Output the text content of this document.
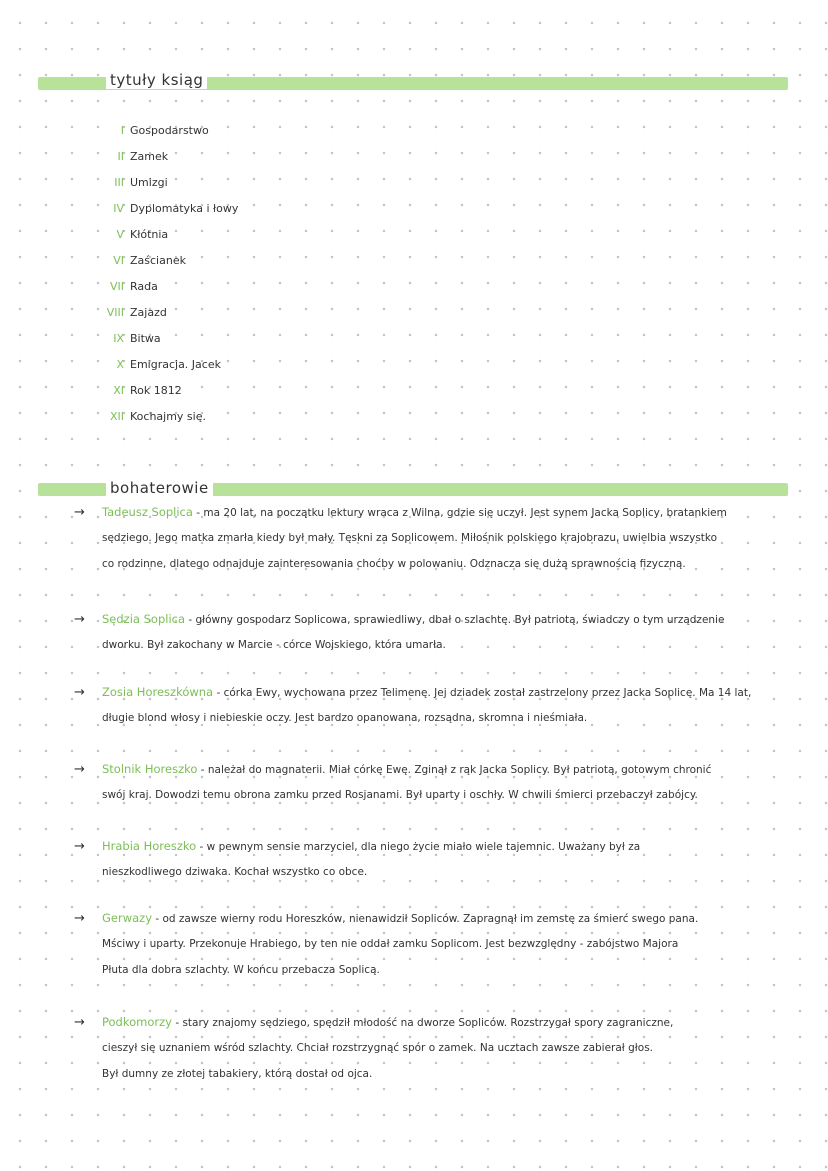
tytuły ksiąg
I Gospodarstwo
II Zamek
III Umizgi
IV Dyplomatyka i łowy
V Kłótnia
VI Zaścianek
VII Rada
VIII Zajazd
IX Bitwa
X Emigracja. Jacek
XI Rok 1812
XII Kochajmy się.
bohaterowie
→ Tadeusz Soplica - ma 20 lat, na początku lektury wraca z Wilna, gdzie się uczył. Jest synem Jacka Soplicy, bratankiem
sędziego. Jego matka zmarła kiedy był mały. Tęskni za Soplicowem. Miłośnik polskiego krajobrazu, uwielbia wszystko
co rodzinne, dlatego odnajduje zainteresowania choćby w polowaniu. Odznacza się dużą sprawnością fizyczną.
→ Sędzia Soplica - główny gospodarz Soplicowa, sprawiedliwy, dbał o szlachtę. Był patriotą, świadczy o tym urządzenie
dworku. Był zakochany w Marcie - córce Wojskiego, która umarła.
→ Zosia Horeszkówna - córka Ewy, wychowana przez Telimenę. Jej dziadek został zastrzelony przez Jacka Soplicę. Ma 14 lat,
długie blond włosy i niebieskie oczy. Jest bardzo opanowana, rozsądna, skromna i nieśmiała.
→ Stolnik Horeszko - należał do magnaterii. Miał córkę Ewę. Zginął z rąk Jacka Soplicy. Był patriotą, gotowym chronić
swój kraj. Dowodzi temu obrona zamku przed Rosjanami. Był uparty i oschły. W chwili śmierci przebaczył zabójcy.
→ Hrabia Horeszko - w pewnym sensie marzyciel, dla niego życie miało wiele tajemnic. Uważany był za
nieszkodliwego dziwaka. Kochał wszystko co obce.
→ Gerwazy - od zawsze wierny rodu Horeszków, nienawidził Sopliców. Zapragnął im zemstę za śmierć swego pana.
Mściwy i uparty. Przekonuje Hrabiego, by ten nie oddał zamku Soplicom. Jest bezwzględny - zabójstwo Majora
Płuta dla dobra szlachty. W końcu przebacza Soplicą.
→ Podkomorzy - stary znajomy sędziego, spędził młodość na dworze Sopliców. Rozstrzygał spory zagraniczne,
cieszył się uznaniem wśród szlachty. Chciał rozstrzygnąć spór o zamek. Na ucztach zawsze zabierał głos.
Był dumny ze złotej tabakiery, którą dostał od ojca.
